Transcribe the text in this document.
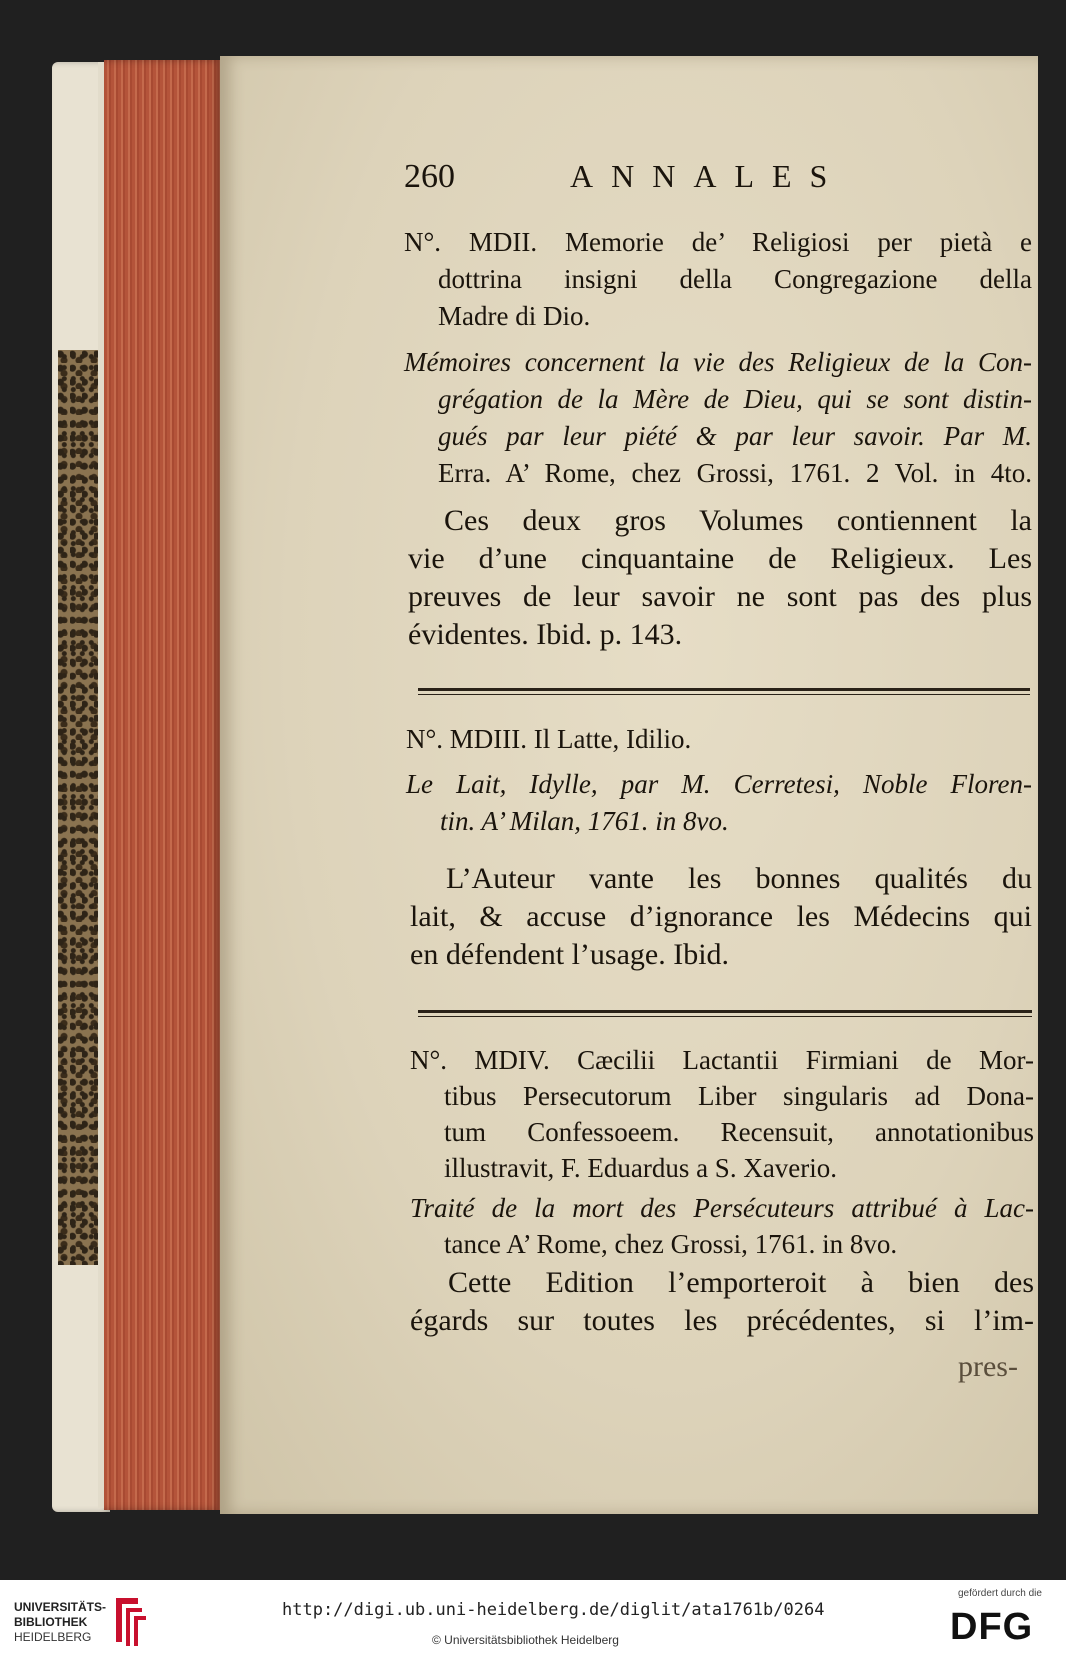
260	ANNALES
N°. MDII. Memorie de’ Religiosi per pietà e
dottrina insigni della Congregazione della
Madre di Dio.
Mémoires concernent la vie des Religieux de la Con-
grégation de la Mère de Dieu, qui se sont distin-
gués par leur piété & par leur savoir. Par M.
Erra. A’ Rome, chez Grossi, 1761. 2 Vol. in 4to.
Ces deux gros Volumes contiennent la
vie d’une cinquantaine de Religieux. Les
preuves de leur savoir ne sont pas des plus
évidentes. Ibid. p. 143.
N°. MDIII. Il Latte, Idilio.
Le Lait, Idylle, par M. Cerretesi, Noble Floren-
tin. A’ Milan, 1761. in 8vo.
L’Auteur vante les bonnes qualités du
lait, & accuse d’ignorance les Médecins qui
en défendent l’usage. Ibid.
N°. MDIV. Cæcilii Lactantii Firmiani de Mor-
tibus Persecutorum Liber singularis ad Dona-
tum Confessoeem. Recensuit, annotationibus
illustravit, F. Eduardus a S. Xaverio.
Traité de la mort des Persécuteurs attribué à Lac-
tance A’ Rome, chez Grossi, 1761. in 8vo.
Cette Edition l’emporteroit à bien des
égards sur toutes les précédentes, si l’im-
pres-
UNIVERSITÄTS-
BIBLIOTHEK
HEIDELBERG
http://digi.ub.uni-heidelberg.de/diglit/ata1761b/0264
© Universitätsbibliothek Heidelberg
gefördert durch die
DFG
